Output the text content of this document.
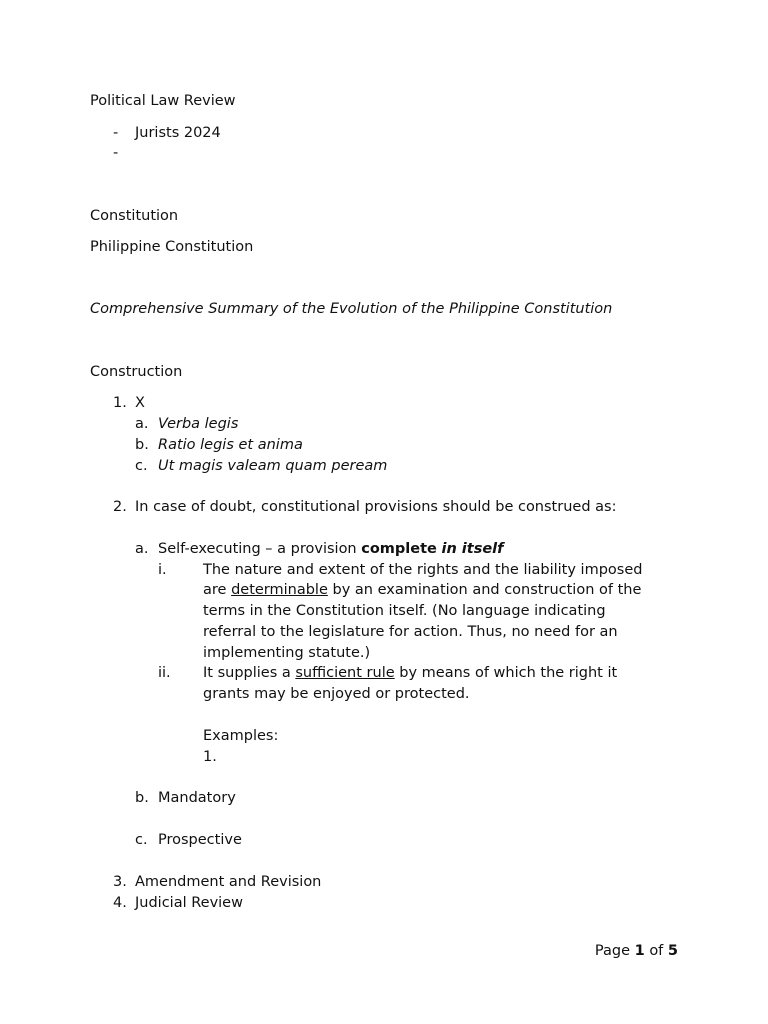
Political Law Review
- Jurists 2024
-
Constitution
Philippine Constitution
Comprehensive Summary of the Evolution of the Philippine Constitution
Construction
1. X
a. Verba legis
b. Ratio legis et anima
c. Ut magis valeam quam peream
2. In case of doubt, constitutional provisions should be construed as:
a. Self-executing – a provision complete in itself
i.	The nature and extent of the rights and the liability imposed
are determinable by an examination and construction of the
terms in the Constitution itself. (No language indicating
referral to the legislature for action. Thus, no need for an
implementing statute.)
ii. It supplies a sufficient rule by means of which the right it
grants may be enjoyed or protected.
Examples:
1.
b. Mandatory
c. Prospective
3. Amendment and Revision
4. Judicial Review
Page 1 of 5
